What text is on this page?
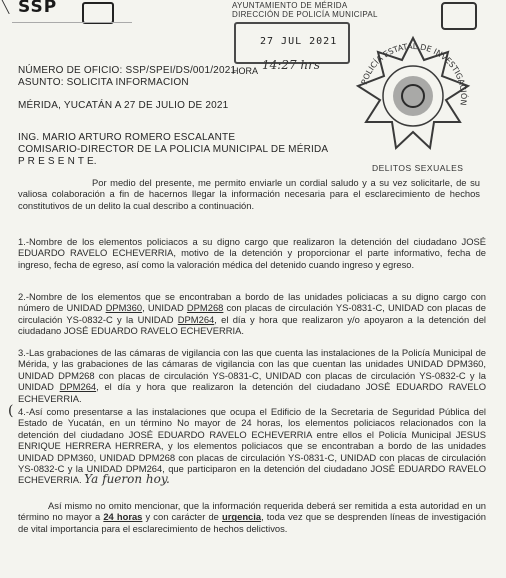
╲ SSP	AYUNTAMIENTO DE MÉRIDA
DIRECCIÓN DE POLICÍA MUNICIPAL
27 JUL 2021
HORA 14:27 hrs
POLICÍA ESTATAL DE INVESTIGACIÓN
DELITOS SEXUALES
NÚMERO DE OFICIO: SSP/SPEI/DS/001/2021
ASUNTO: SOLICITA INFORMACION
MÉRIDA, YUCATÁN A 27 DE JULIO DE 2021
ING. MARIO ARTURO ROMERO ESCALANTE
COMISARIO-DIRECTOR DE LA POLICIA MUNICIPAL DE MÉRIDA
P R E S E N T E.
Por medio del presente, me permito enviarle un cordial saludo y a su vez solicitarle, de su valiosa colaboración a fin de hacernos llegar la información necesaria para el esclarecimiento de hechos constitutivos de un delito la cual describo a continuación.
1.-Nombre de los elementos policiacos a su digno cargo que realizaron la detención del ciudadano JOSÉ EDUARDO RAVELO ECHEVERRIA, motivo de la detención y proporcionar el parte informativo, fecha de ingreso, fecha de egreso, así como la valoración médica del detenido cuando ingreso y egreso.
2.-Nombre de los elementos que se encontraban a bordo de las unidades policiacas a su digno cargo con número de UNIDAD DPM360, UNIDAD DPM268 con placas de circulación YS-0831-C, UNIDAD con placas de circulación YS-0832-C y la UNIDAD DPM264, el día y hora que realizaron y/o apoyaron a la detención del ciudadano JOSÉ EDUARDO RAVELO ECHEVERRIA.
3.-Las grabaciones de las cámaras de vigilancia con las que cuenta las instalaciones de la Policía Municipal de Mérida, y las grabaciones de las cámaras de vigilancia con las que cuentan las unidades UNIDAD DPM360, UNIDAD DPM268 con placas de circulación YS-0831-C, UNIDAD con placas de circulación YS-0832-C y la UNIDAD DPM264, el día y hora que realizaron la detención del ciudadano JOSÉ EDUARDO RAVELO ECHEVERRIA.
( 4.-Así como presentarse a las instalaciones que ocupa el Edificio de la Secretaria de Seguridad Pública del Estado de Yucatán, en un término No mayor de 24 horas, los elementos policiacos relacionados con la detención del ciudadano JOSÉ EDUARDO RAVELO ECHEVERRIA entre ellos el Policía Municipal JESUS ENRIQUE HERRERA HERRERA, y los elementos policiacos que se encontraban a bordo de las unidades UNIDAD DPM360, UNIDAD DPM268 con placas de circulación YS-0831-C, UNIDAD con placas de circulación YS-0832-C y la UNIDAD DPM264, que participaron en la detención del ciudadano JOSÉ EDUARDO RAVELO ECHEVERRIA. Ya fueron hoy.
Así mismo no omito mencionar, que la información requerida deberá ser remitida a esta autoridad en un término no mayor a 24 horas y con carácter de urgencia, toda vez que se desprenden líneas de investigación de vital importancia para el esclarecimiento de hechos delictivos.
